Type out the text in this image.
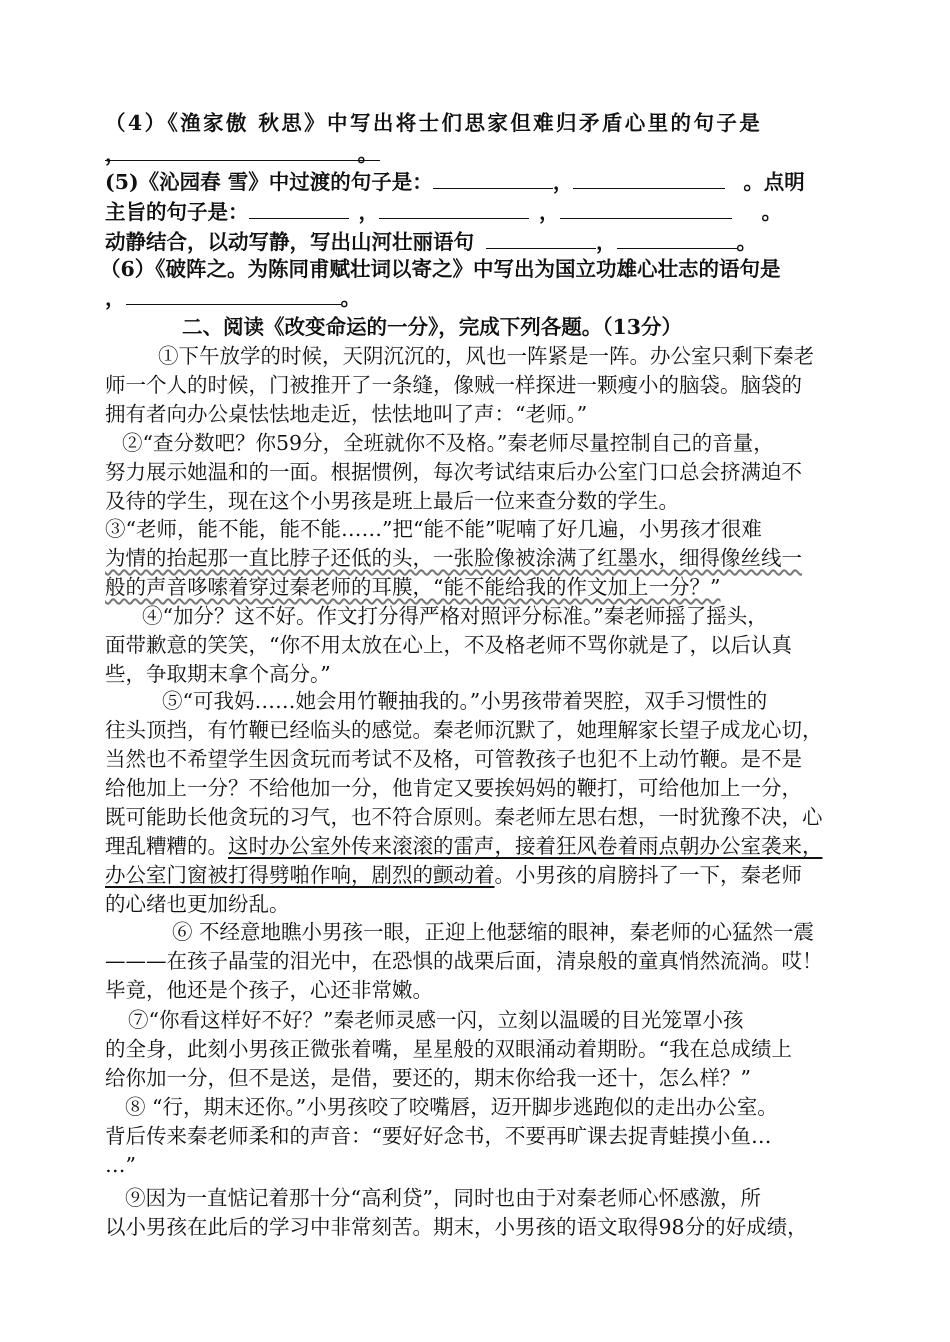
（4）《渔家傲 秋思》中写出将士们思家但难归矛盾心里的句子是
，	。
(5)《沁园春 雪》中过渡的句子是：	，	。点明
主旨的句子是：	，	，	。
动静结合，以动写静，写出山河壮丽语句	，	。
（6）《破阵之。为陈同甫赋壮词以寄之》中写出为国立功雄心壮志的语句是
，	。
二、阅读《改变命运的一分》，完成下列各题。（13分）
①下午放学的时候，天阴沉沉的，风也一阵紧是一阵。办公室只剩下秦老
师一个人的时候，门被推开了一条缝，像贼一样探进一颗瘦小的脑袋。脑袋的
拥有者向办公桌怯怯地走近，怯怯地叫了声：“老师。”
②“查分数吧？你59分，全班就你不及格。”秦老师尽量控制自己的音量，
努力展示她温和的一面。根据惯例，每次考试结束后办公室门口总会挤满迫不
及待的学生，现在这个小男孩是班上最后一位来查分数的学生。
③“老师，能不能，能不能……”把“能不能”呢喃了好几遍，小男孩才很难
为情的抬起那一直比脖子还低的头，一张脸像被涂满了红墨水，细得像丝线一
般的声音哆嗦着穿过秦老师的耳膜，“能不能给我的作文加上一分？”
④“加分？这不好。作文打分得严格对照评分标准。”秦老师摇了摇头，
面带歉意的笑笑，“你不用太放在心上，不及格老师不骂你就是了，以后认真
些，争取期末拿个高分。”
⑤“可我妈……她会用竹鞭抽我的。”小男孩带着哭腔，双手习惯性的
往头顶挡，有竹鞭已经临头的感觉。秦老师沉默了，她理解家长望子成龙心切，
当然也不希望学生因贪玩而考试不及格，可管教孩子也犯不上动竹鞭。是不是
给他加上一分？不给他加一分，他肯定又要挨妈妈的鞭打，可给他加上一分，
既可能助长他贪玩的习气，也不符合原则。秦老师左思右想，一时犹豫不决，心
理乱糟糟的。这时办公室外传来滚滚的雷声，接着狂风卷着雨点朝办公室袭来，
办公室门窗被打得劈啪作响，剧烈的颤动着。小男孩的肩膀抖了一下，秦老师
的心绪也更加纷乱。
⑥ 不经意地瞧小男孩一眼，正迎上他瑟缩的眼神，秦老师的心猛然一震
———在孩子晶莹的泪光中，在恐惧的战栗后面，清泉般的童真悄然流淌。哎！
毕竟，他还是个孩子，心还非常嫩。
⑦“你看这样好不好？”秦老师灵感一闪，立刻以温暖的目光笼罩小孩
的全身，此刻小男孩正微张着嘴，星星般的双眼涌动着期盼。“我在总成绩上
给你加一分，但不是送，是借，要还的，期末你给我一还十，怎么样？”
⑧ “行，期末还你。”小男孩咬了咬嘴唇，迈开脚步逃跑似的走出办公室。
背后传来秦老师柔和的声音：“要好好念书，不要再旷课去捉青蛙摸小鱼…
…”
⑨因为一直惦记着那十分“高利贷”，同时也由于对秦老师心怀感激，所
以小男孩在此后的学习中非常刻苦。期末，小男孩的语文取得98分的好成绩，
